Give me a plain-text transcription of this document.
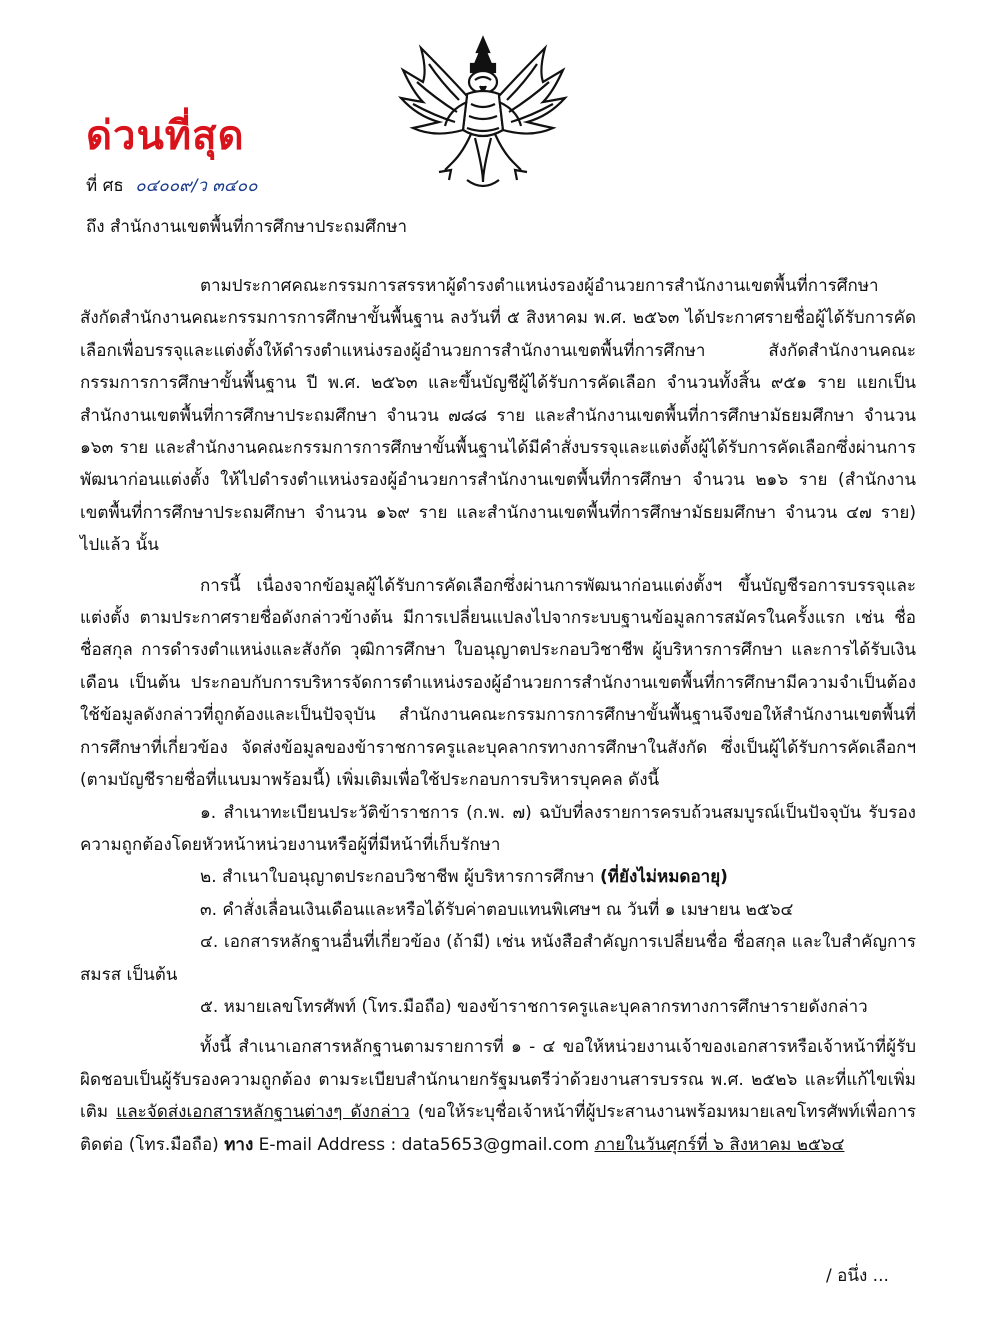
ด่วนที่สุด
ที่ ศธ ๐๔๐๐๙/ว ๓๔๐๐
ถึง สำนักงานเขตพื้นที่การศึกษาประถมศึกษา

ตามประกาศคณะกรรมการสรรหาผู้ดำรงตำแหน่งรองผู้อำนวยการสำนักงานเขตพื้นที่การศึกษา สังกัดสำนักงานคณะกรรมการการศึกษาขั้นพื้นฐาน ลงวันที่ ๕ สิงหาคม พ.ศ. ๒๕๖๓ ได้ประกาศรายชื่อผู้ได้รับการคัดเลือกเพื่อบรรจุและแต่งตั้งให้ดำรงตำแหน่งรองผู้อำนวยการสำนักงานเขตพื้นที่การศึกษา สังกัดสำนักงานคณะกรรมการการศึกษาขั้นพื้นฐาน ปี พ.ศ. ๒๕๖๓ และขึ้นบัญชีผู้ได้รับการคัดเลือก จำนวนทั้งสิ้น ๙๕๑ ราย แยกเป็นสำนักงานเขตพื้นที่การศึกษาประถมศึกษา จำนวน ๗๘๘ ราย และสำนักงานเขตพื้นที่การศึกษามัธยมศึกษา จำนวน ๑๖๓ ราย และสำนักงานคณะกรรมการการศึกษาขั้นพื้นฐานได้มีคำสั่งบรรจุและแต่งตั้งผู้ได้รับการคัดเลือกซึ่งผ่านการพัฒนาก่อนแต่งตั้ง ให้ไปดำรงตำแหน่งรองผู้อำนวยการสำนักงานเขตพื้นที่การศึกษา จำนวน ๒๑๖ ราย (สำนักงานเขตพื้นที่การศึกษาประถมศึกษา จำนวน ๑๖๙ ราย และสำนักงานเขตพื้นที่การศึกษามัธยมศึกษา จำนวน ๔๗ ราย) ไปแล้ว นั้น

การนี้ เนื่องจากข้อมูลผู้ได้รับการคัดเลือกซึ่งผ่านการพัฒนาก่อนแต่งตั้งฯ ขึ้นบัญชีรอการบรรจุและแต่งตั้ง ตามประกาศรายชื่อดังกล่าวข้างต้น มีการเปลี่ยนแปลงไปจากระบบฐานข้อมูลการสมัครในครั้งแรก เช่น ชื่อ ชื่อสกุล การดำรงตำแหน่งและสังกัด วุฒิการศึกษา ใบอนุญาตประกอบวิชาชีพ ผู้บริหารการศึกษา และการได้รับเงินเดือน เป็นต้น ประกอบกับการบริหารจัดการตำแหน่งรองผู้อำนวยการสำนักงานเขตพื้นที่การศึกษามีความจำเป็นต้องใช้ข้อมูลดังกล่าวที่ถูกต้องและเป็นปัจจุบัน สำนักงานคณะกรรมการการศึกษาขั้นพื้นฐานจึงขอให้สำนักงานเขตพื้นที่การศึกษาที่เกี่ยวข้อง จัดส่งข้อมูลของข้าราชการครูและบุคลากรทางการศึกษาในสังกัด ซึ่งเป็นผู้ได้รับการคัดเลือกฯ (ตามบัญชีรายชื่อที่แนบมาพร้อมนี้) เพิ่มเติมเพื่อใช้ประกอบการบริหารบุคคล ดังนี้

๑. สำเนาทะเบียนประวัติข้าราชการ (ก.พ. ๗) ฉบับที่ลงรายการครบถ้วนสมบูรณ์เป็นปัจจุบัน รับรองความถูกต้องโดยหัวหน้าหน่วยงานหรือผู้ที่มีหน้าที่เก็บรักษา

๒. สำเนาใบอนุญาตประกอบวิชาชีพ ผู้บริหารการศึกษา (ที่ยังไม่หมดอายุ)

๓. คำสั่งเลื่อนเงินเดือนและหรือได้รับค่าตอบแทนพิเศษฯ ณ วันที่ ๑ เมษายน ๒๕๖๔

๔. เอกสารหลักฐานอื่นที่เกี่ยวข้อง (ถ้ามี) เช่น หนังสือสำคัญการเปลี่ยนชื่อ ชื่อสกุล และใบสำคัญการสมรส เป็นต้น

๕. หมายเลขโทรศัพท์ (โทร.มือถือ) ของข้าราชการครูและบุคลากรทางการศึกษารายดังกล่าว

ทั้งนี้ สำเนาเอกสารหลักฐานตามรายการที่ ๑ - ๔ ขอให้หน่วยงานเจ้าของเอกสารหรือเจ้าหน้าที่ผู้รับผิดชอบเป็นผู้รับรองความถูกต้อง ตามระเบียบสำนักนายกรัฐมนตรีว่าด้วยงานสารบรรณ พ.ศ. ๒๕๒๖ และที่แก้ไขเพิ่มเติม และจัดส่งเอกสารหลักฐานต่างๆ ดังกล่าว (ขอให้ระบุชื่อเจ้าหน้าที่ผู้ประสานงานพร้อมหมายเลขโทรศัพท์เพื่อการติดต่อ (โทร.มือถือ) ทาง E-mail Address : data5653@gmail.com ภายในวันศุกร์ที่ ๖ สิงหาคม ๒๕๖๔

/ อนึ่ง ...
